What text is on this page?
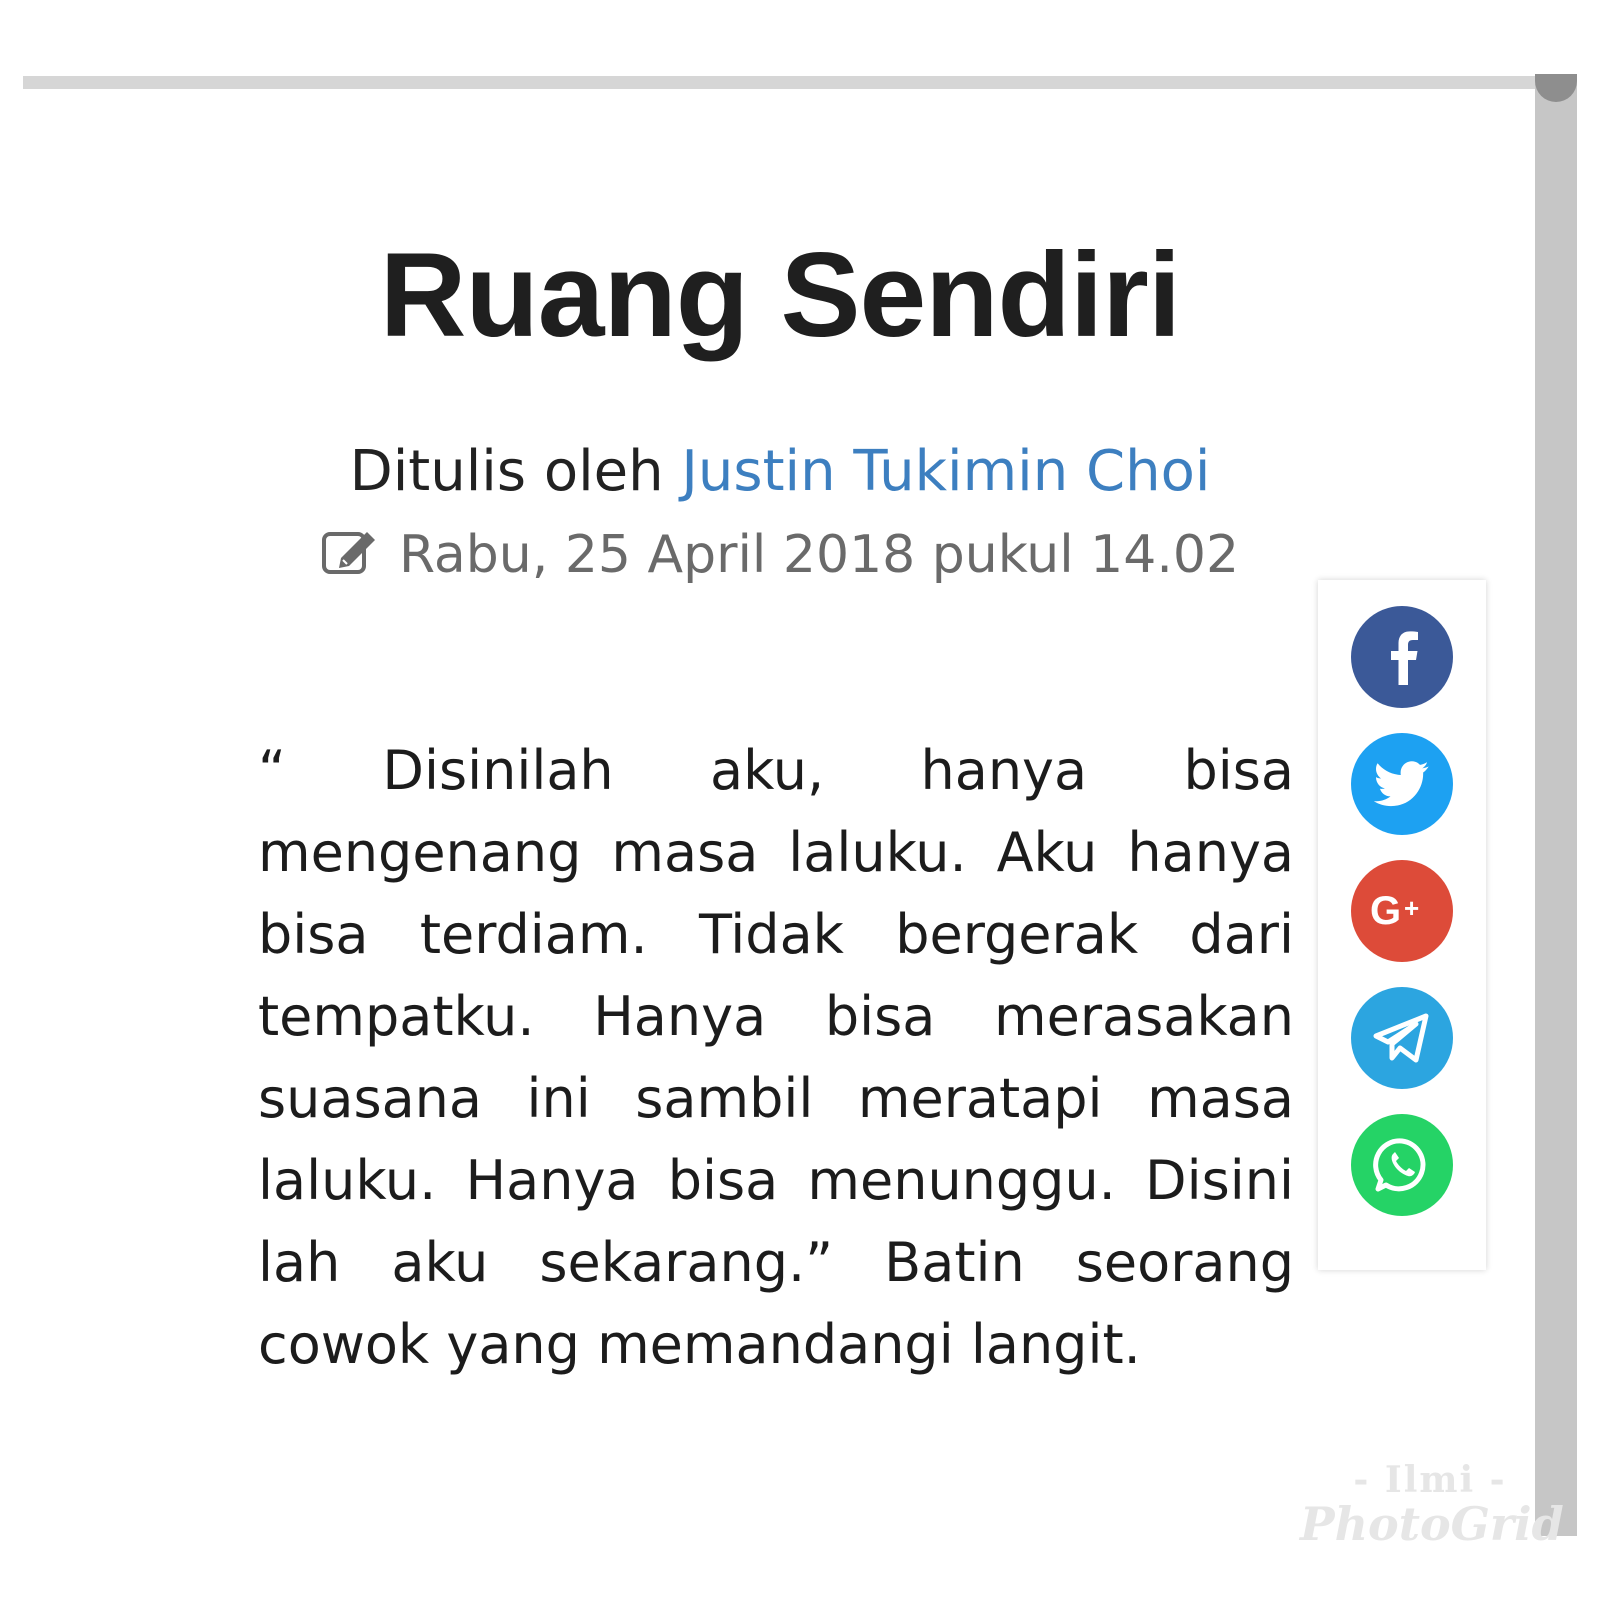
Ruang Sendiri
Ditulis oleh Justin Tukimin Choi
Rabu, 25 April 2018 pukul 14.02

“ Disinilah aku, hanya bisa mengenang masa laluku. Aku hanya bisa terdiam. Tidak bergerak dari tempatku. Hanya bisa merasakan suasana ini sambil meratapi masa laluku. Hanya bisa menunggu. Disini lah aku sekarang.” Batin seorang cowok yang memandangi langit.

G +
- Ilmi -
PhotoGrid
